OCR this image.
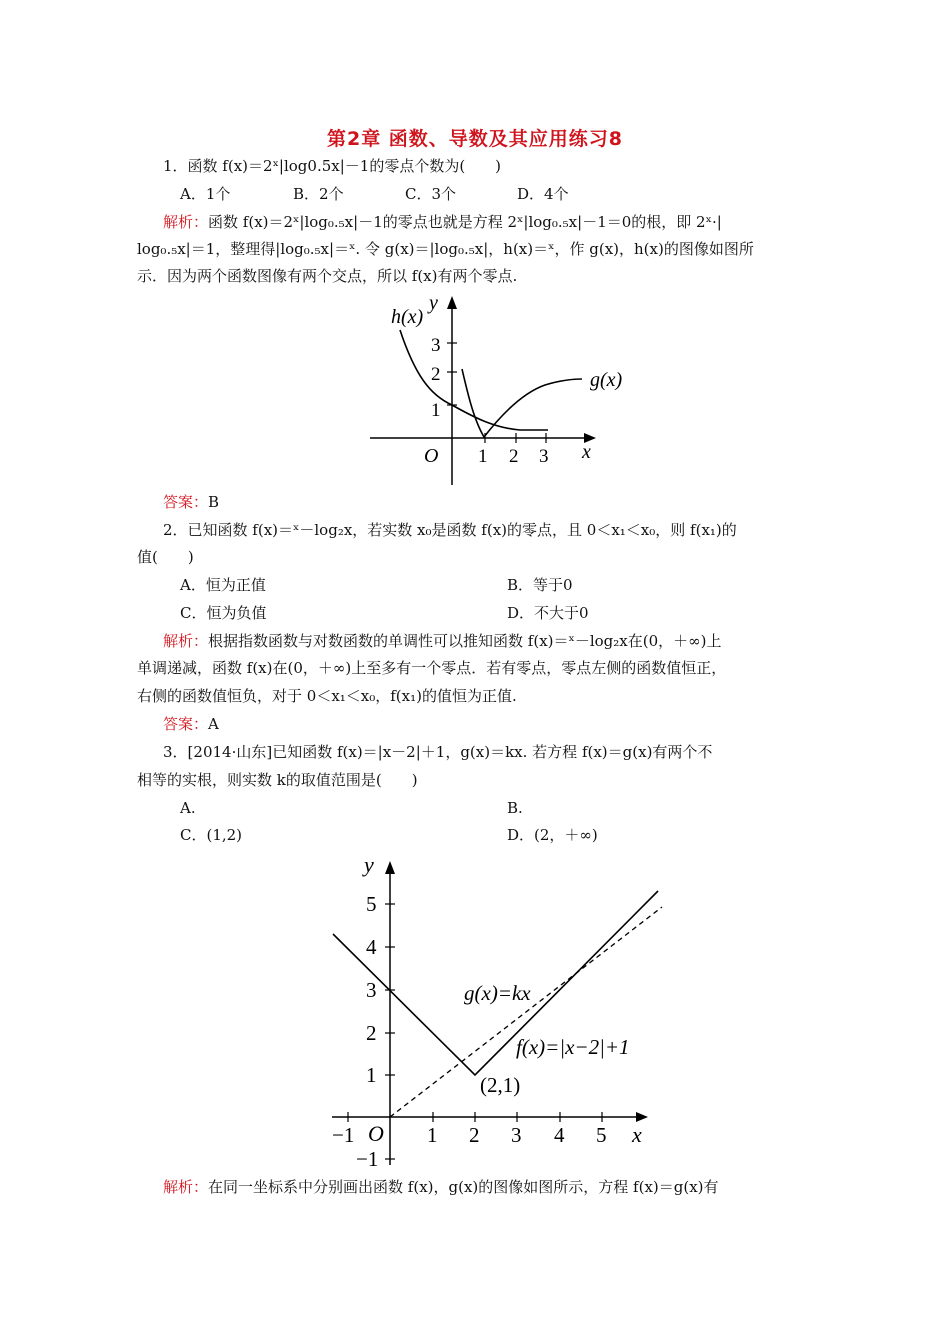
第2章 函数、导数及其应用练习8
1．函数 f(x)＝2ˣ|log0.5x|－1的零点个数为(　　)
A．1个	B．2个	C．3个	D．4个
解析：函数 f(x)＝2ˣ|log₀.₅x|－1的零点也就是方程 2ˣ|log₀.₅x|－1＝0的根，即 2ˣ·|
log₀.₅x|＝1，整理得|log₀.₅x|＝ˣ. 令 g(x)＝|log₀.₅x|，h(x)＝ˣ，作 g(x)，h(x)的图像如图所
示．因为两个函数图像有两个交点，所以 f(x)有两个零点.
h(x)
g(x)
y
x
O
1
2
3
1 2 3
答案：B
2．已知函数 f(x)＝ˣ－log₂x，若实数 x₀是函数 f(x)的零点，且 0＜x₁＜x₀，则 f(x₁)的
值(　　)
A．恒为正值	B．等于0
C．恒为负值	D．不大于0
解析：根据指数函数与对数函数的单调性可以推知函数 f(x)＝ˣ－log₂x在(0，＋∞)上
单调递减，函数 f(x)在(0，＋∞)上至多有一个零点．若有零点，零点左侧的函数值恒正，
右侧的函数值恒负，对于 0＜x₁＜x₀，f(x₁)的值恒为正值.
答案：A
3．[2014·山东]已知函数 f(x)＝|x－2|＋1，g(x)＝kx. 若方程 f(x)＝g(x)有两个不
相等的实根，则实数 k的取值范围是(　　)
A.	B.
C．(1,2)	D．(2，＋∞)
y
x
O
5
4
3
2
1
−1
−1	1 2 3 4 5
g(x)=kx
f(x)=|x−2|+1
(2,1)
解析：在同一坐标系中分别画出函数 f(x)，g(x)的图像如图所示，方程 f(x)＝g(x)有
